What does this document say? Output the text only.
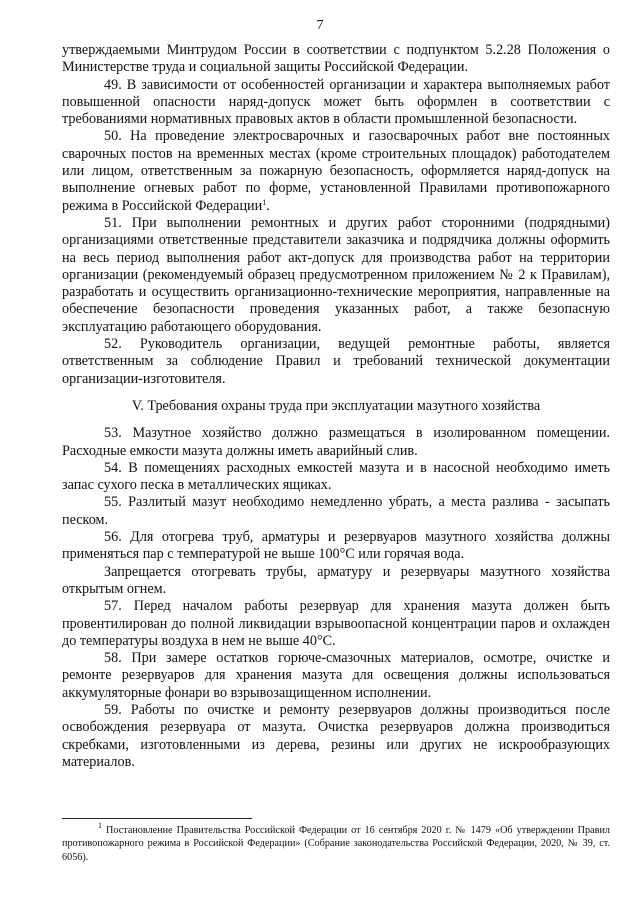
7

утверждаемыми Минтрудом России в соответствии с подпунктом 5.2.28 Положения о Министерстве труда и социальной защиты Российской Федерации.

49. В зависимости от особенностей организации и характера выполняемых работ повышенной опасности наряд-допуск может быть оформлен в соответствии с требованиями нормативных правовых актов в области промышленной безопасности.

50. На проведение электросварочных и газосварочных работ вне постоянных сварочных постов на временных местах (кроме строительных площадок) работодателем или лицом, ответственным за пожарную безопасность, оформляется наряд-допуск на выполнение огневых работ по форме, установленной Правилами противопожарного режима в Российской Федерации$^1$.

51. При выполнении ремонтных и других работ сторонними (подрядными) организациями ответственные представители заказчика и подрядчика должны оформить на весь период выполнения работ акт-допуск для производства работ на территории организации (рекомендуемый образец предусмотренном приложением № 2 к Правилам), разработать и осуществить организационно-технические мероприятия, направленные на обеспечение безопасности проведения указанных работ, а также безопасную эксплуатацию работающего оборудования.

52. Руководитель организации, ведущей ремонтные работы, является ответственным за соблюдение Правил и требований технической документации организации-изготовителя.

V. Требования охраны труда при эксплуатации мазутного хозяйства

53. Мазутное хозяйство должно размещаться в изолированном помещении. Расходные емкости мазута должны иметь аварийный слив.

54. В помещениях расходных емкостей мазута и в насосной необходимо иметь запас сухого песка в металлических ящиках.

55. Разлитый мазут необходимо немедленно убрать, а места разлива - засыпать песком.

56. Для отогрева труб, арматуры и резервуаров мазутного хозяйства должны применяться пар с температурой не выше 100°C или горячая вода.

Запрещается отогревать трубы, арматуру и резервуары мазутного хозяйства открытым огнем.

57. Перед началом работы резервуар для хранения мазута должен быть провентилирован до полной ликвидации взрывоопасной концентрации паров и охлажден до температуры воздуха в нем не выше 40°C.

58. При замере остатков горюче-смазочных материалов, осмотре, очистке и ремонте резервуаров для хранения мазута для освещения должны использоваться аккумуляторные фонари во взрывозащищенном исполнении.

59. Работы по очистке и ремонту резервуаров должны производиться после освобождения резервуара от мазута. Очистка резервуаров должна производиться скребками, изготовленными из дерева, резины или других не искрообразующих материалов.

$^1$ Постановление Правительства Российской Федерации от 16 сентября 2020 г. № 1479 «Об утверждении Правил противопожарного режима в Российской Федерации» (Собрание законодательства Российской Федерации, 2020, № 39, ст. 6056).
